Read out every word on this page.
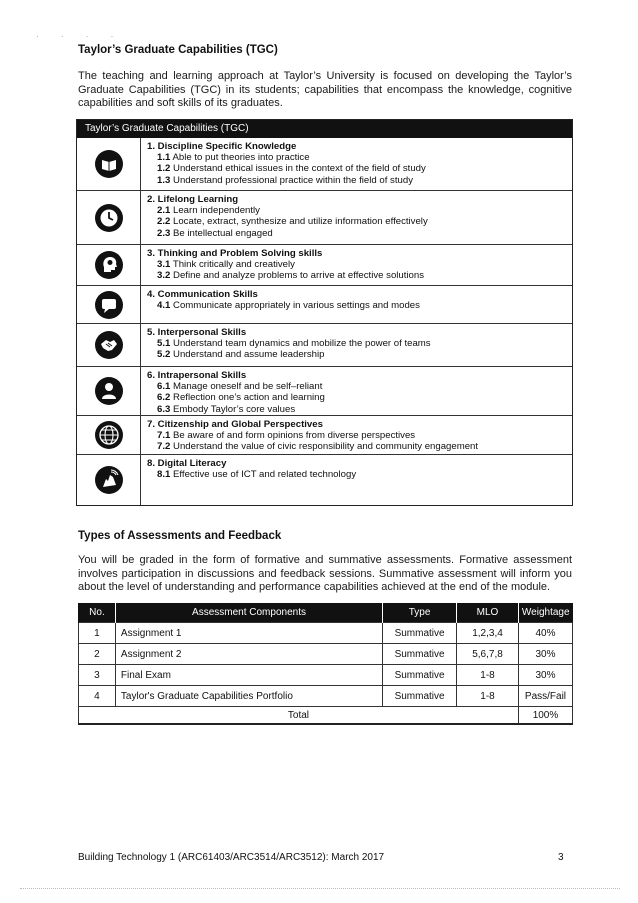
· · · ·
Taylor’s Graduate Capabilities (TGC)

The teaching and learning approach at Taylor’s University is focused on developing the Taylor’s Graduate Capabilities (TGC) in its students; capabilities that encompass the knowledge, cognitive capabilities and soft skills of its graduates.

Taylor’s Graduate Capabilities (TGC)
1. Discipline Specific Knowledge
1.1 Able to put theories into practice
1.2 Understand ethical issues in the context of the field of study
1.3 Understand professional practice within the field of study
2. Lifelong Learning
2.1 Learn independently
2.2 Locate, extract, synthesize and utilize information effectively
2.3 Be intellectual engaged
3. Thinking and Problem Solving skills
3.1 Think critically and creatively
3.2 Define and analyze problems to arrive at effective solutions
4. Communication Skills
4.1 Communicate appropriately in various settings and modes
5. Interpersonal Skills
5.1 Understand team dynamics and mobilize the power of teams
5.2 Understand and assume leadership
6. Intrapersonal Skills
6.1 Manage oneself and be self–reliant
6.2 Reflection one’s action and learning
6.3 Embody Taylor’s core values
7. Citizenship and Global Perspectives
7.1 Be aware of and form opinions from diverse perspectives
7.2 Understand the value of civic responsibility and community engagement
8. Digital Literacy
8.1 Effective use of ICT and related technology
Types of Assessments and Feedback

You will be graded in the form of formative and summative assessments. Formative assessment involves participation in discussions and feedback sessions. Summative assessment will inform you about the level of understanding and performance capabilities achieved at the end of the module.

No.	Assessment Components	Type	MLO	Weightage
1	Assignment 1	Summative	1,2,3,4	40%
2	Assignment 2	Summative	5,6,7,8	30%
3	Final Exam	Summative	1-8	30%
4	Taylor's Graduate Capabilities Portfolio	Summative	1-8	Pass/Fail
Total				100%
Building Technology 1 (ARC61403/ARC3514/ARC3512): March 2017	3
